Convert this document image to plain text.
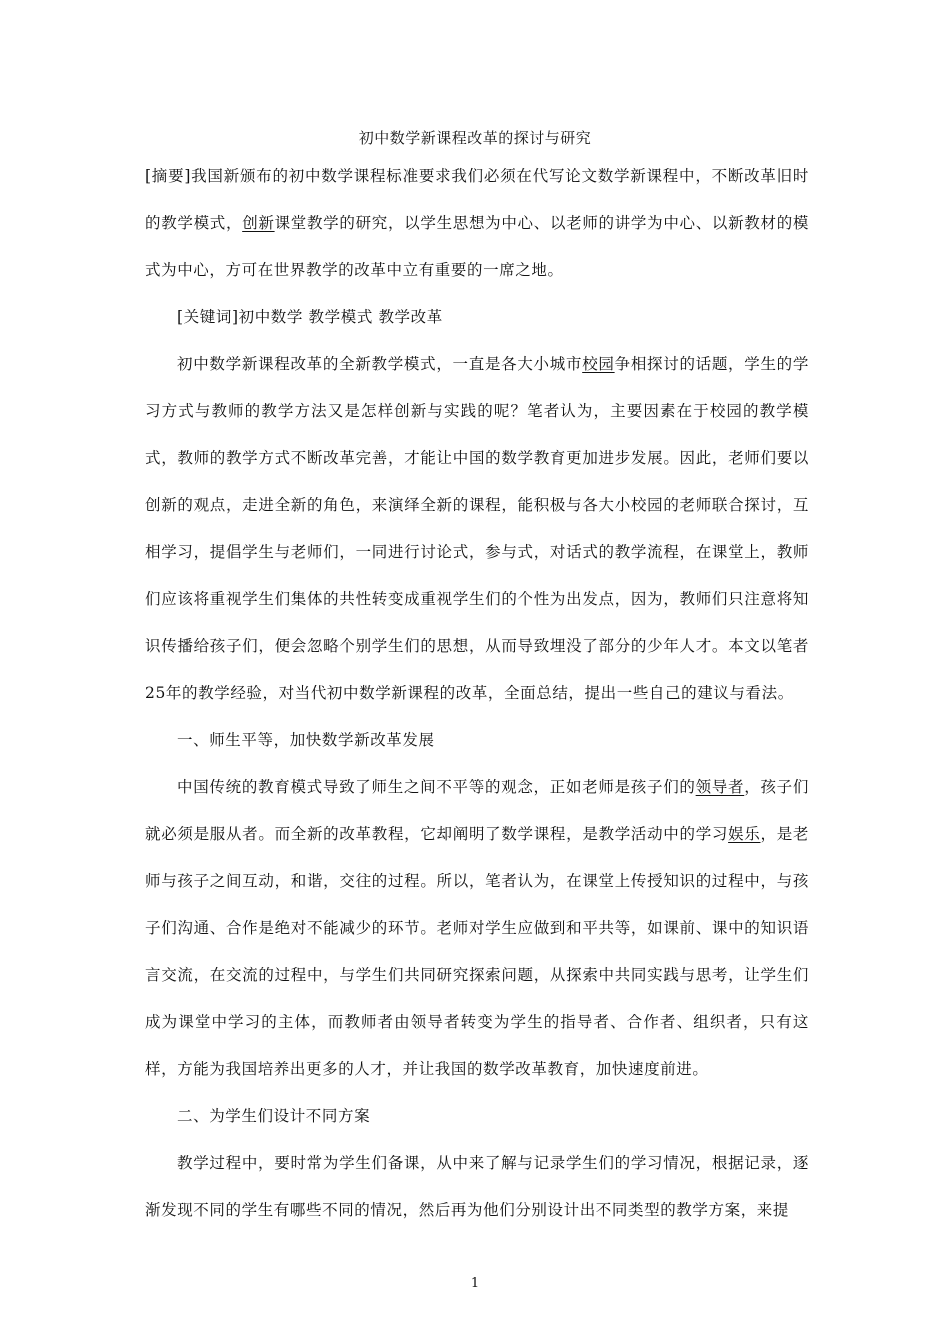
初中数学新课程改革的探讨与研究

[摘要]我国新颁布的初中数学课程标准要求我们必须在代写论文数学新课程中，不断改革旧时的教学模式，创新课堂教学的研究，以学生思想为中心、以老师的讲学为中心、以新教材的模式为中心，方可在世界教学的改革中立有重要的一席之地。

[关键词]初中数学 教学模式 教学改革

初中数学新课程改革的全新教学模式，一直是各大小城市校园争相探讨的话题，学生的学习方式与教师的教学方法又是怎样创新与实践的呢？笔者认为，主要因素在于校园的教学模式，教师的教学方式不断改革完善，才能让中国的数学教育更加进步发展。因此，老师们要以创新的观点，走进全新的角色，来演绎全新的课程，能积极与各大小校园的老师联合探讨，互相学习，提倡学生与老师们，一同进行讨论式，参与式，对话式的教学流程，在课堂上，教师们应该将重视学生们集体的共性转变成重视学生们的个性为出发点，因为，教师们只注意将知识传播给孩子们，便会忽略个别学生们的思想，从而导致埋没了部分的少年人才。本文以笔者25年的教学经验，对当代初中数学新课程的改革，全面总结，提出一些自己的建议与看法。

一、师生平等，加快数学新改革发展

中国传统的教育模式导致了师生之间不平等的观念，正如老师是孩子们的领导者，孩子们就必须是服从者。而全新的改革教程，它却阐明了数学课程，是教学活动中的学习娱乐，是老师与孩子之间互动，和谐，交往的过程。所以，笔者认为，在课堂上传授知识的过程中，与孩子们沟通、合作是绝对不能减少的环节。老师对学生应做到和平共等，如课前、课中的知识语言交流，在交流的过程中，与学生们共同研究探索问题，从探索中共同实践与思考，让学生们成为课堂中学习的主体，而教师者由领导者转变为学生的指导者、合作者、组织者，只有这样，方能为我国培养出更多的人才，并让我国的数学改革教育，加快速度前进。

二、为学生们设计不同方案

教学过程中，要时常为学生们备课，从中来了解与记录学生们的学习情况，根据记录，逐渐发现不同的学生有哪些不同的情况，然后再为他们分别设计出不同类型的教学方案，来提

1
